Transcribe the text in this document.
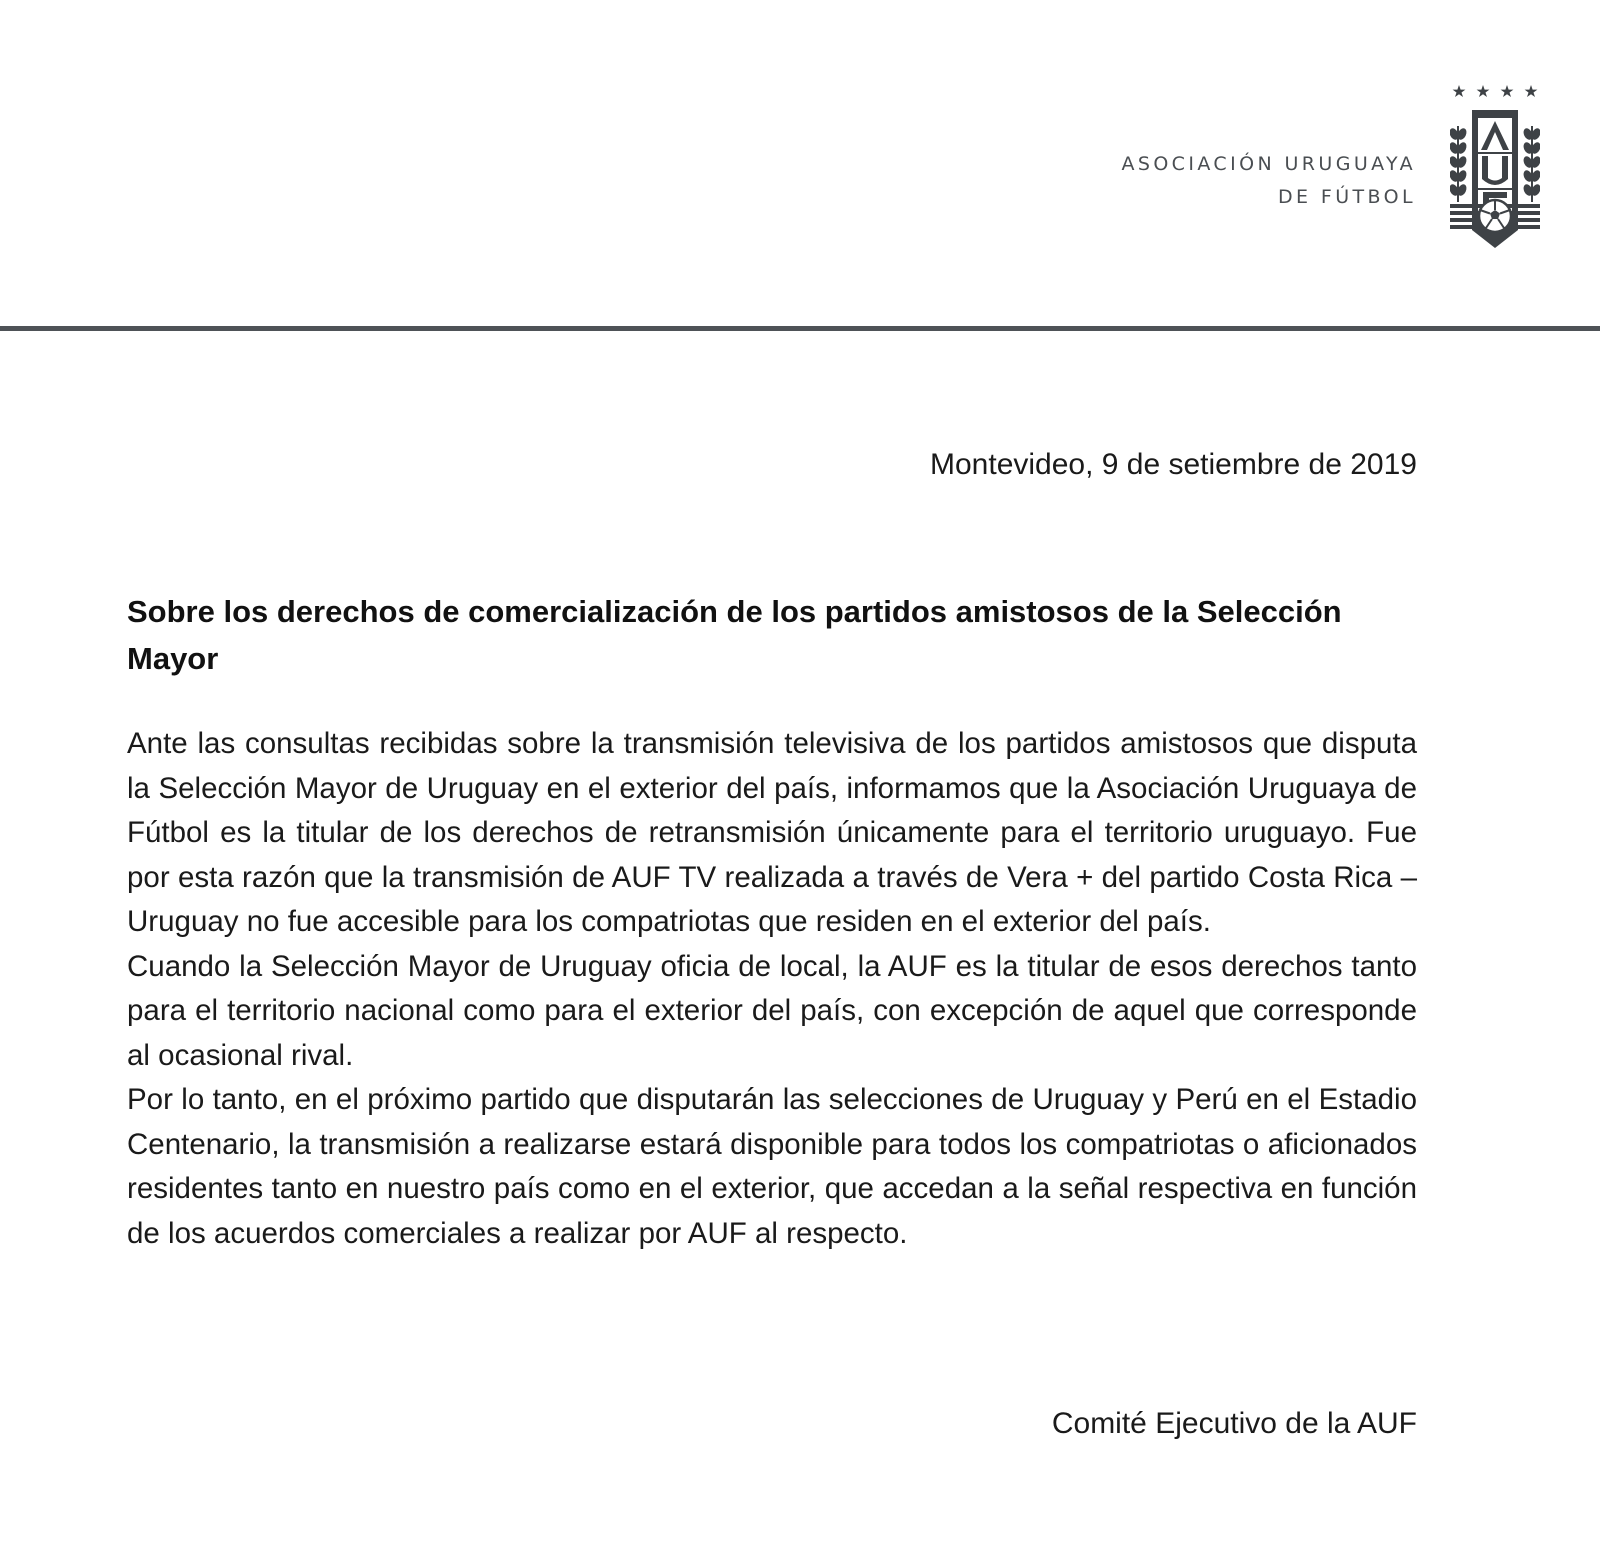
ASOCIACIÓN URUGUAYA
DE FÚTBOL
Montevideo, 9 de setiembre de 2019
Sobre los derechos de comercialización de los partidos amistosos de la Selección Mayor

Ante las consultas recibidas sobre la transmisión televisiva de los partidos amistosos que disputa la Selección Mayor de Uruguay en el exterior del país, informamos que la Asociación Uruguaya de Fútbol es la titular de los derechos de retransmisión únicamente para el territorio uruguayo. Fue por esta razón que la transmisión de AUF TV realizada a través de Vera + del partido Costa Rica – Uruguay no fue accesible para los compatriotas que residen en el exterior del país.

Cuando la Selección Mayor de Uruguay oficia de local, la AUF es la titular de esos derechos tanto para el territorio nacional como para el exterior del país, con excepción de aquel que corresponde al ocasional rival.

Por lo tanto, en el próximo partido que disputarán las selecciones de Uruguay y Perú en el Estadio Centenario, la transmisión a realizarse estará disponible para todos los compatriotas o aficionados residentes tanto en nuestro país como en el exterior, que accedan a la señal respectiva en función de los acuerdos comerciales a realizar por AUF al respecto.

Comité Ejecutivo de la AUF
